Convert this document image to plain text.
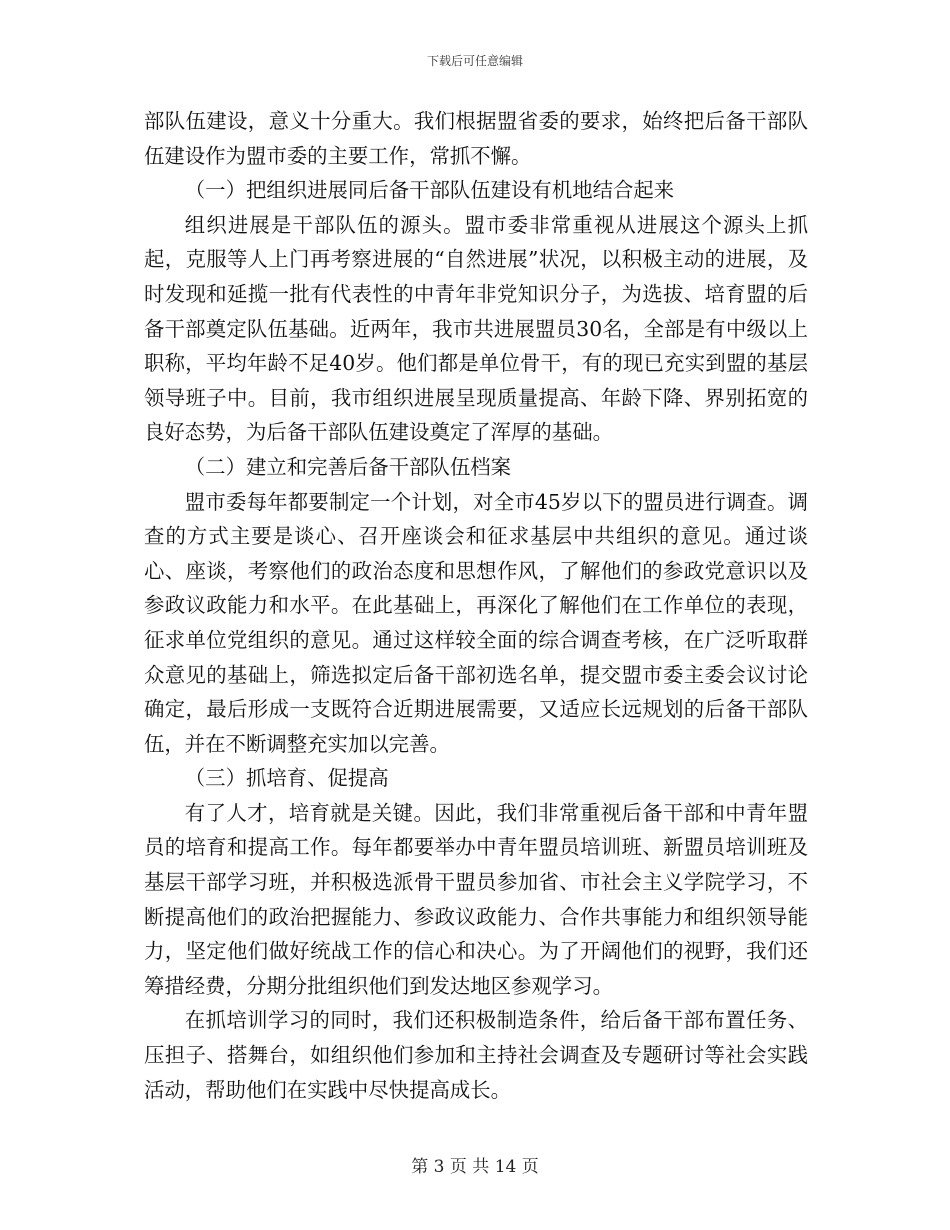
下载后可任意编辑

部队伍建设，意义十分重大。我们根据盟省委的要求，始终把后备干部队伍建设作为盟市委的主要工作，常抓不懈。

（一）把组织进展同后备干部队伍建设有机地结合起来

组织进展是干部队伍的源头。盟市委非常重视从进展这个源头上抓起，克服等人上门再考察进展的“自然进展”状况，以积极主动的进展，及时发现和延揽一批有代表性的中青年非党知识分子，为选拔、培育盟的后备干部奠定队伍基础。近两年，我市共进展盟员30名，全部是有中级以上职称，平均年龄不足40岁。他们都是单位骨干，有的现已充实到盟的基层领导班子中。目前，我市组织进展呈现质量提高、年龄下降、界别拓宽的良好态势，为后备干部队伍建设奠定了浑厚的基础。

（二）建立和完善后备干部队伍档案

盟市委每年都要制定一个计划，对全市45岁以下的盟员进行调查。调查的方式主要是谈心、召开座谈会和征求基层中共组织的意见。通过谈心、座谈，考察他们的政治态度和思想作风，了解他们的参政党意识以及参政议政能力和水平。在此基础上，再深化了解他们在工作单位的表现，征求单位党组织的意见。通过这样较全面的综合调查考核，在广泛听取群众意见的基础上，筛选拟定后备干部初选名单，提交盟市委主委会议讨论确定，最后形成一支既符合近期进展需要，又适应长远规划的后备干部队伍，并在不断调整充实加以完善。

（三）抓培育、促提高

有了人才，培育就是关键。因此，我们非常重视后备干部和中青年盟员的培育和提高工作。每年都要举办中青年盟员培训班、新盟员培训班及基层干部学习班，并积极选派骨干盟员参加省、市社会主义学院学习，不断提高他们的政治把握能力、参政议政能力、合作共事能力和组织领导能力，坚定他们做好统战工作的信心和决心。为了开阔他们的视野，我们还筹措经费，分期分批组织他们到发达地区参观学习。

在抓培训学习的同时，我们还积极制造条件，给后备干部布置任务、压担子、搭舞台，如组织他们参加和主持社会调查及专题研讨等社会实践活动，帮助他们在实践中尽快提高成长。

第 3 页 共 14 页
